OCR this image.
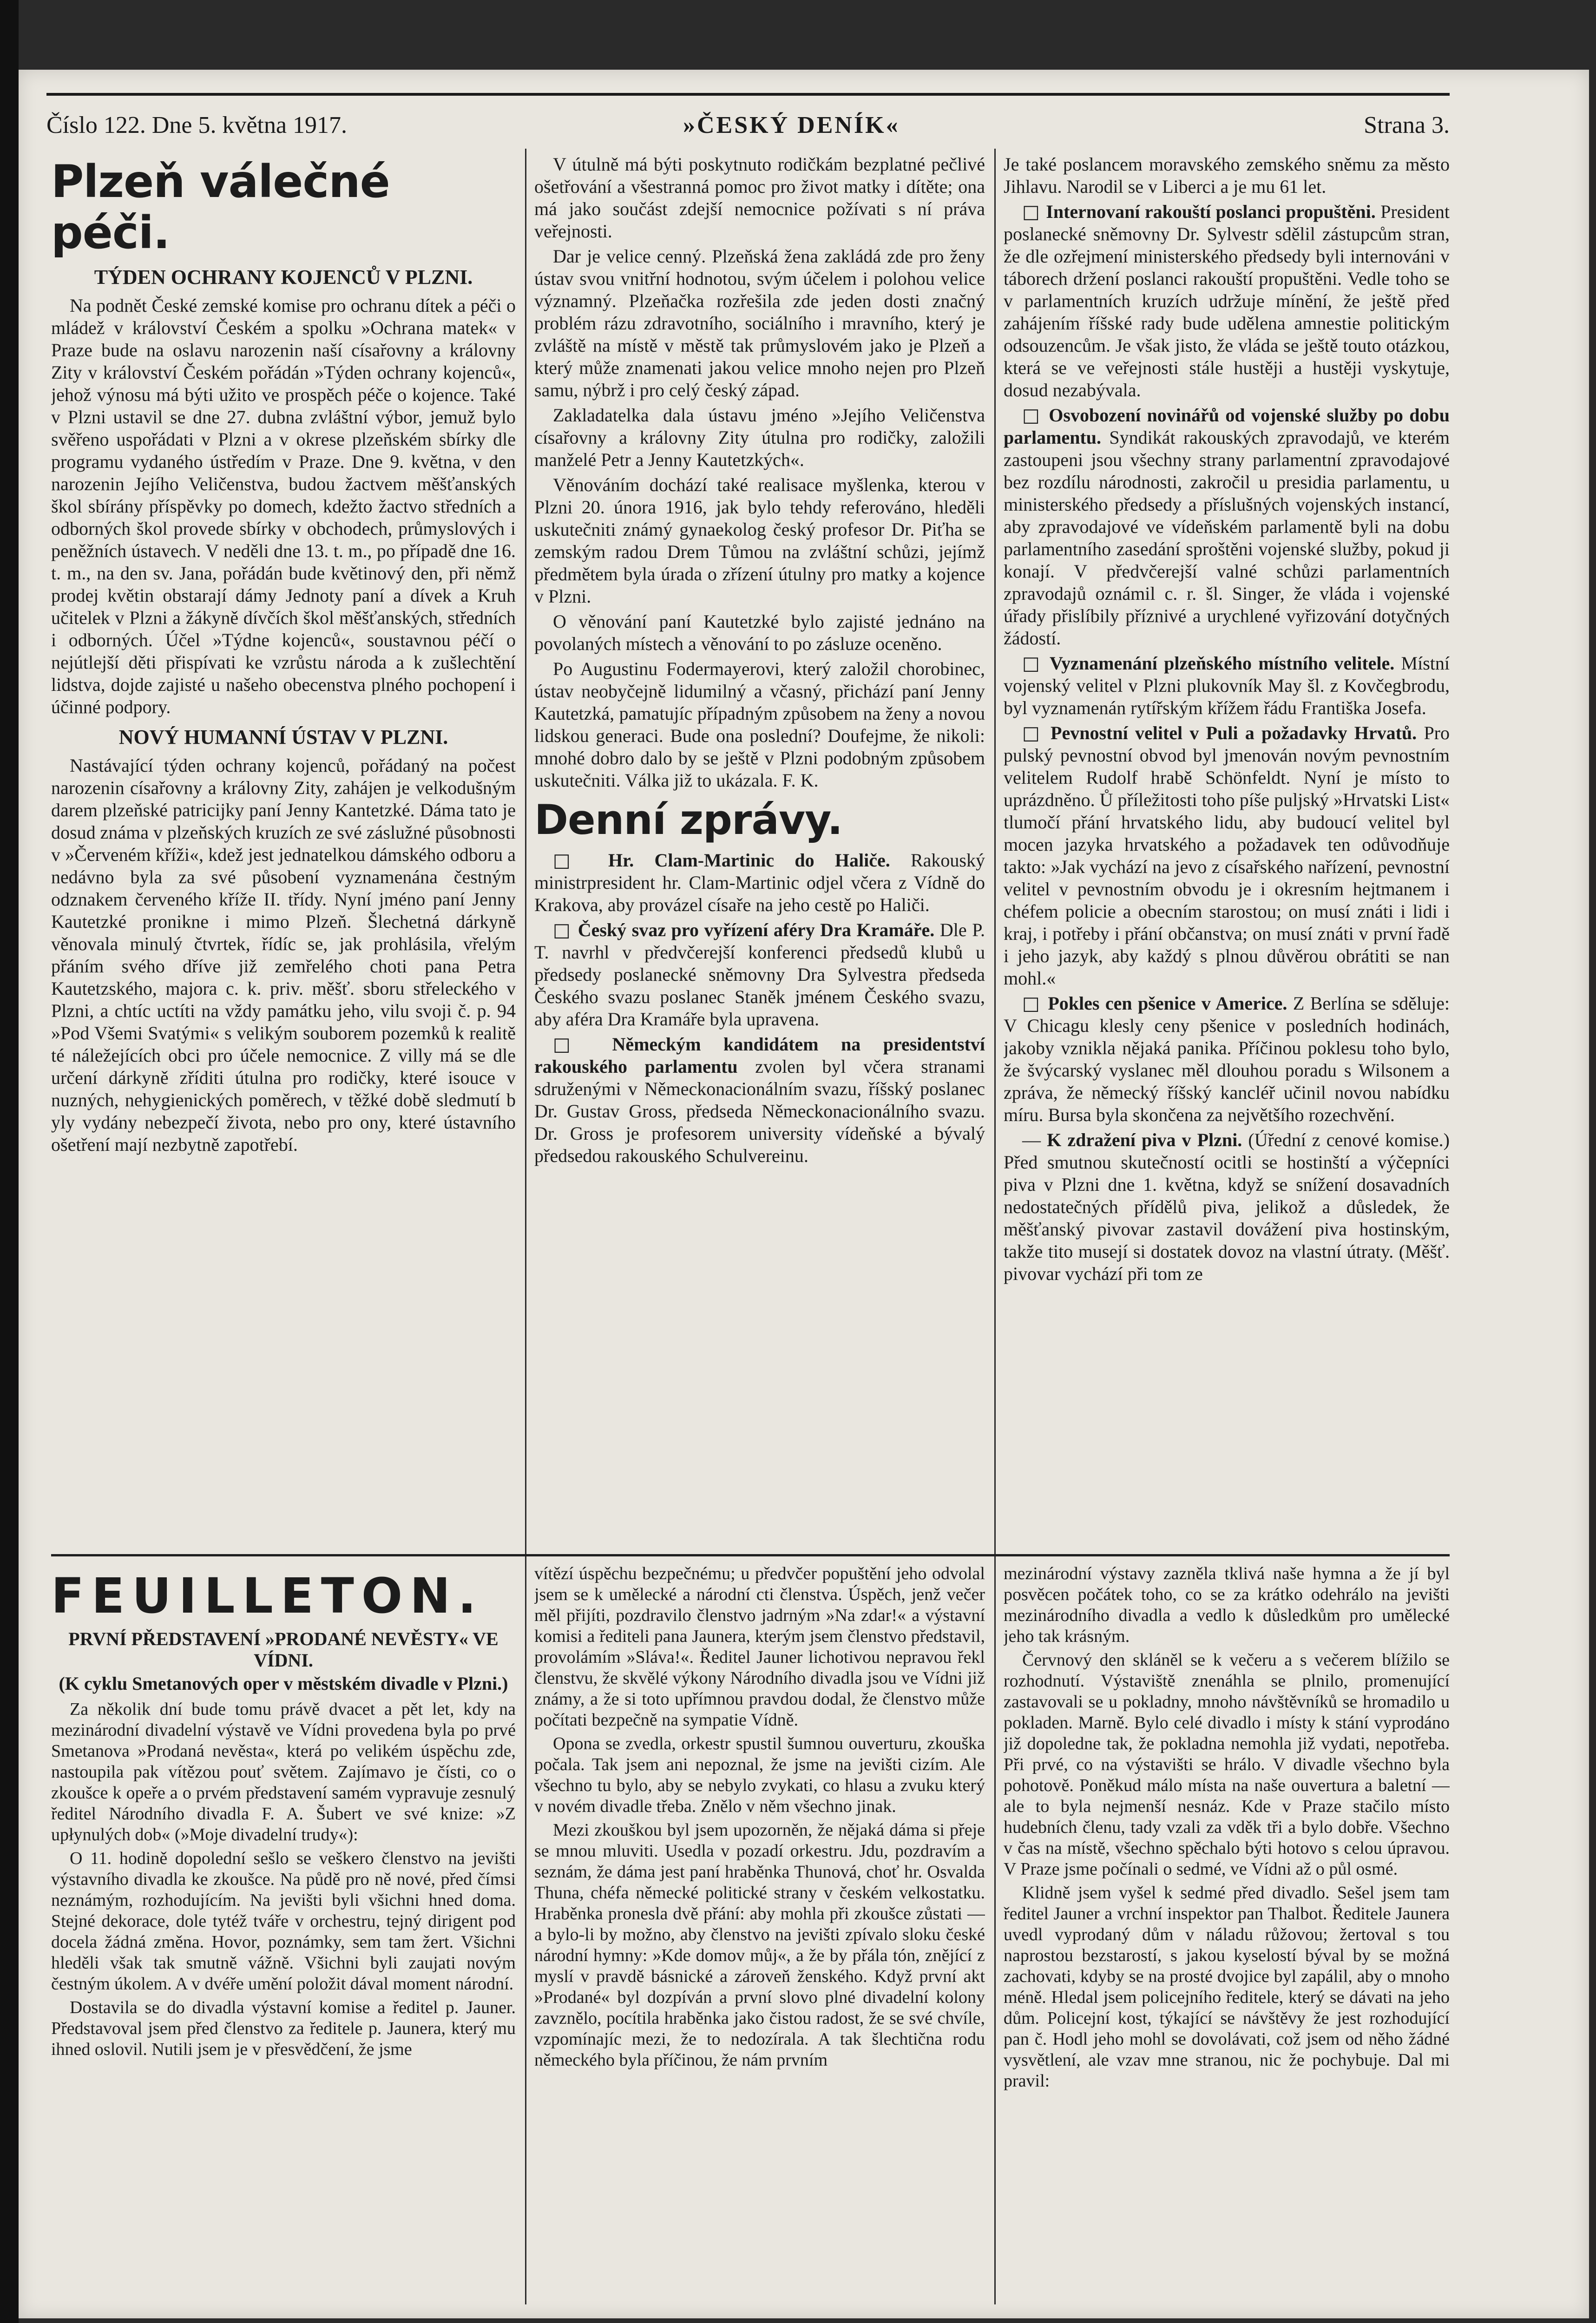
Číslo 122. Dne 5. května 1917.	»ČESKÝ DENÍK«	Strana 3.
Plzeň válečné péči.
TÝDEN OCHRANY KOJENCŮ V PLZNI.

Na podnět České zemské komise pro ochranu dítek a péči o mládež v království Českém a spolku »Ochrana matek« v Praze bude na oslavu narozenin naší císařovny a královny Zity v království Českém pořádán »Týden ochrany kojenců«, jehož výnosu má býti užito ve prospěch péče o kojence. Také v Plzni ustavil se dne 27. dubna zvláštní výbor, jemuž bylo svěřeno uspořádati v Plzni a v okrese plzeňském sbírky dle programu vydaného ústředím v Praze. Dne 9. května, v den narozenin Jejího Veličenstva, budou žactvem měšťanských škol sbírány příspěvky po domech, kdežto žactvo středních a odborných škol provede sbírky v obchodech, průmyslových i peněžních ústavech. V neděli dne 13. t. m., po případě dne 16. t. m., na den sv. Jana, pořádán bude květinový den, při němž prodej květin obstarají dámy Jednoty paní a dívek a Kruh učitelek v Plzni a žákyně dívčích škol měšťanských, středních i odborných. Účel »Týdne kojenců«, soustavnou péčí o nejútlejší děti přispívati ke vzrůstu národa a k zušlechtění lidstva, dojde zajisté u našeho obecenstva plného pochopení i účinné podpory.

NOVÝ HUMANNÍ ÚSTAV V PLZNI.

Nastávající týden ochrany kojenců, pořádaný na počest narozenin císařovny a královny Zity, zahájen je velkodušným darem plzeňské patricijky paní Jenny Kantetzké. Dáma tato je dosud známa v plzeňských kruzích ze své záslužné působnosti v »Červeném kříži«, kdež jest jednatelkou dámského odboru a nedávno byla za své působení vyznamenána čestným odznakem červeného kříže II. třídy. Nyní jméno paní Jenny Kautetzké pronikne i mimo Plzeň. Šlechetná dárkyně věnovala minulý čtvrtek, řídíc se, jak prohlásila, vřelým přáním svého dříve již zemřelého choti pana Petra Kautetzského, majora c. k. priv. měšť. sboru střeleckého v Plzni, a chtíc uctíti na vždy památku jeho, vilu svoji č. p. 94 »Pod Všemi Svatými« s velikým souborem pozemků k realitě té náležejících obci pro účele nemocnice. Z villy má se dle určení dárkyně zříditi útulna pro rodičky, které isouce v nuzných, nehygienických poměrech, v těžké době sledmutí b yly vydány nebezpečí života, nebo pro ony, které ústavního ošetření mají nezbytně zapotřebí.

V útulně má býti poskytnuto rodičkám bezplatné pečlivé ošetřování a všestranná pomoc pro život matky i dítěte; ona má jako součást zdejší nemocnice požívati s ní práva veřejnosti.

Dar je velice cenný. Plzeňská žena zakládá zde pro ženy ústav svou vnitřní hodnotou, svým účelem i polohou velice významný. Plzeňačka rozřešila zde jeden dosti značný problém rázu zdravotního, sociálního i mravního, který je zvláště na místě v městě tak průmyslovém jako je Plzeň a který může znamenati jakou velice mnoho nejen pro Plzeň samu, nýbrž i pro celý český západ.

Zakladatelka dala ústavu jméno »Jejího Veličenstva císařovny a královny Zity útulna pro rodičky, založili manželé Petr a Jenny Kautetzkých«.

Věnováním dochází také realisace myšlenka, kterou v Plzni 20. února 1916, jak bylo tehdy referováno, hleděli uskutečniti známý gynaekolog český profesor Dr. Piťha se zemským radou Drem Tůmou na zvláštní schůzi, jejímž předmětem byla úrada o zřízení útulny pro matky a kojence v Plzni.

O věnování paní Kautetzké bylo zajisté jednáno na povolaných místech a věnování to po zásluze oceněno.

Po Augustinu Fodermayerovi, který založil chorobinec, ústav neobyčejně lidumilný a včasný, přichází paní Jenny Kautetzká, pamatujíc případným způsobem na ženy a novou lidskou generaci. Bude ona poslední? Doufejme, že nikoli: mnohé dobro dalo by se ještě v Plzni podobným způsobem uskutečniti. Válka již to ukázala. F. K.

Denní zprávy.

□ Hr. Clam-Martinic do Haliče. Rakouský ministrpresident hr. Clam-Martinic odjel včera z Vídně do Krakova, aby provázel císaře na jeho cestě po Haliči.

□ Český svaz pro vyřízení aféry Dra Kramáře. Dle P. T. navrhl v předvčerejší konferenci předsedů klubů u předsedy poslanecké sněmovny Dra Sylvestra předseda Českého svazu poslanec Staněk jménem Českého svazu, aby aféra Dra Kramáře byla upravena.

□ Německým kandidátem na presidentství rakouského parlamentu zvolen byl včera stranami sdruženými v Německonacionálním svazu, říšský poslanec Dr. Gustav Gross, předseda Německonacionálního svazu. Dr. Gross je profesorem university vídeňské a bývalý předsedou rakouského Schulvereinu.

Je také poslancem moravského zemského sněmu za město Jihlavu. Narodil se v Liberci a je mu 61 let.

□ Internovaní rakouští poslanci propuštěni. President poslanecké sněmovny Dr. Sylvestr sdělil zástupcům stran, že dle ozřejmení ministerského předsedy byli internováni v táborech držení poslanci rakouští propuštěni. Vedle toho se v parlamentních kruzích udržuje mínění, že ještě před zahájením říšské rady bude udělena amnestie politickým odsouzencům. Je však jisto, že vláda se ještě touto otázkou, která se ve veřejnosti stále hustěji a hustěji vyskytuje, dosud nezabývala.

□ Osvobození novinářů od vojenské služby po dobu parlamentu. Syndikát rakouských zpravodajů, ve kterém zastoupeni jsou všechny strany parlamentní zpravodajové bez rozdílu národnosti, zakročil u presidia parlamentu, u ministerského předsedy a příslušných vojenských instancí, aby zpravodajové ve vídeňském parlamentě byli na dobu parlamentního zasedání sproštěni vojenské služby, pokud ji konají. V předvčerejší valné schůzi parlamentních zpravodajů oznámil c. r. šl. Singer, že vláda i vojenské úřady přislíbily příznivé a urychlené vyřizování dotyčných žádostí.

□ Vyznamenání plzeňského místního velitele. Místní vojenský velitel v Plzni plukovník May šl. z Kovčegbrodu, byl vyznamenán rytířským křížem řádu Františka Josefa.

□ Pevnostní velitel v Puli a požadavky Hrvatů. Pro pulský pevnostní obvod byl jmenován novým pevnostním velitelem Rudolf hrabě Schönfeldt. Nyní je místo to uprázdněno. Ů příležitosti toho píše puljský »Hrvatski List« tlumočí přání hrvatského lidu, aby budoucí velitel byl mocen jazyka hrvatského a požadavek ten odůvodňuje takto: »Jak vychází na jevo z císařského nařízení, pevnostní velitel v pevnostním obvodu je i okresním hejtmanem i chéfem policie a obecním starostou; on musí znáti i lidi i kraj, i potřeby i přání občanstva; on musí znáti v první řadě i jeho jazyk, aby každý s plnou důvěrou obrátiti se nan mohl.«

□ Pokles cen pšenice v Americe. Z Berlína se sděluje: V Chicagu klesly ceny pšenice v posledních hodinách, jakoby vznikla nějaká panika. Příčinou poklesu toho bylo, že švýcarský vyslanec měl dlouhou poradu s Wilsonem a zpráva, že německý říšský kancléř učinil novou nabídku míru. Bursa byla skončena za největšího rozechvění.

— K zdražení piva v Plzni. (Úřední z cenové komise.) Před smutnou skutečností ocitli se hostinští a výčepníci piva v Plzni dne 1. května, když se snížení dosavadních nedostatečných přídělů piva, jelikož a důsledek, že měšťanský pivovar zastavil dovážení piva hostinským, takže tito musejí si dostatek dovoz na vlastní útraty. (Měšť. pivovar vychází při tom ze

FEUILLETON.
PRVNÍ PŘEDSTAVENÍ »PRODANÉ NEVĚSTY« VE VÍDNI.
(K cyklu Smetanových oper v městském divadle v Plzni.)

Za několik dní bude tomu právě dvacet a pět let, kdy na mezinárodní divadelní výstavě ve Vídni provedena byla po prvé Smetanova »Prodaná nevěsta«, která po velikém úspěchu zde, nastoupila pak vítězou pouť světem. Zajímavo je čísti, co o zkoušce k opeře a o prvém představení samém vypravuje zesnulý ředitel Národního divadla F. A. Šubert ve své knize: »Z upłynulých dob« (»Moje divadelní trudy«):

O 11. hodině dopolední sešlo se veškero členstvo na jevišti výstavního divadla ke zkoušce. Na půdě pro ně nové, před čímsi neznámým, rozhodujícím. Na jevišti byli všichni hned doma. Stejné dekorace, dole tytéž tváře v orchestru, tejný dirigent pod docela žádná změna. Hovor, poznámky, sem tam žert. Všichni hleděli však tak smutně vážně. Všichni byli zaujati novým čestným úkolem. A v dvéře umění položit dával moment národní.

Dostavila se do divadla výstavní komise a ředitel p. Jauner. Představoval jsem před členstvo za ředitele p. Jaunera, který mu ihned oslovil. Nutili jsem je v přesvědčení, že jsme

vítězí úspěchu bezpečnému; u předvčer popuštění jeho odvolal jsem se k umělecké a národní cti členstva. Úspěch, jenž večer měl přijíti, pozdravilo členstvo jadrným »Na zdar!« a výstavní komisi a řediteli pana Jaunera, kterým jsem členstvo představil, provolámím »Sláva!«. Ředitel Jauner lichotivou nepravou řekl členstvu, že skvělé výkony Národního divadla jsou ve Vídni již známy, a že si toto upřímnou pravdou dodal, že členstvo může počítati bezpečně na sympatie Vídně.

Opona se zvedla, orkestr spustil šumnou ouverturu, zkouška počala. Tak jsem ani nepoznal, že jsme na jevišti cizím. Ale všechno tu bylo, aby se nebylo zvykati, co hlasu a zvuku který v novém divadle třeba. Znělo v něm všechno jinak.

Mezi zkouškou byl jsem upozorněn, že nějaká dáma si přeje se mnou mluviti. Usedla v pozadí orkestru. Jdu, pozdravím a seznám, že dáma jest paní hraběnka Thunová, choť hr. Osvalda Thuna, chéfa německé politické strany v českém velkostatku. Hraběnka pronesla dvě přání: aby mohla při zkoušce zůstati — a bylo-li by možno, aby členstvo na jevišti zpívalo sloku české národní hymny: »Kde domov můj«, a že by přála tón, znějící z myslí v pravdě básnické a zároveň ženského. Když první akt »Prodané« byl dozpíván a první slovo plné divadelní kolony zavznělo, pocítila hraběnka jako čistou radost, že se své chvíle, vzpomínajíc mezi, že to nedozírala. A tak šlechtična rodu německého byla příčinou, že nám prvním

mezinárodní výstavy zazněla tklivá naše hymna a že jí byl posvěcen počátek toho, co se za krátko odehrálo na jevišti mezinárodního divadla a vedlo k důsledkům pro umělecké jeho tak krásným.

Červnový den skláněl se k večeru a s večerem blížilo se rozhodnutí. Výstaviště znenáhla se plnilo, promenující zastavovali se u pokladny, mnoho návštěvníků se hromadilo u pokladen. Marně. Bylo celé divadlo i místy k stání vyprodáno již dopoledne tak, že pokladna nemohla již vydati, nepotřeba. Při prvé, co na výstavišti se hrálo. V divadle všechno byla pohotově. Poněkud málo místa na naše ouvertura a baletní — ale to byla nejmenší nesnáz. Kde v Praze stačilo místo hudebních členu, tady vzali za vděk tři a bylo dobře. Všechno v čas na místě, všechno spěchalo býti hotovo s celou úpravou. V Praze jsme počínali o sedmé, ve Vídni až o půl osmé.

Klidně jsem vyšel k sedmé před divadlo. Sešel jsem tam ředitel Jauner a vrchní inspektor pan Thalbot. Ředitele Jaunera uvedl vyprodaný dům v náladu růžovou; žertoval s tou naprostou bezstarostí, s jakou kyselostí býval by se možná zachovati, kdyby se na prosté dvojice byl zapálil, aby o mnoho méně. Hledal jsem policejního ředitele, který se dávati na jeho dům. Policejní kost, týkající se návštěvy že jest rozhodující pan č. Hodl jeho mohl se dovolávati, což jsem od něho žádné vysvětlení, ale vzav mne stranou, nic že pochybuje. Dal mi pravil:
